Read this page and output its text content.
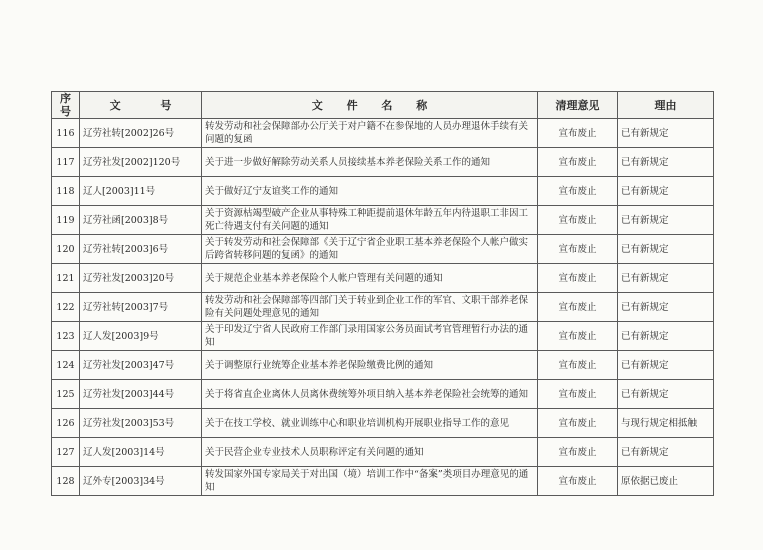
序号	文 号	文 件 名 称	清理意见	理由
116	辽劳社转[2002]26号	转发劳动和社会保障部办公厅关于对户籍不在参保地的人员办理退休手续有关问题的复函	宣布废止	已有新规定
117	辽劳社发[2002]120号	关于进一步做好解除劳动关系人员接续基本养老保险关系工作的通知	宣布废止	已有新规定
118	辽人[2003]11号	关于做好辽宁友谊奖工作的通知	宣布废止	已有新规定
119	辽劳社函[2003]8号	关于资源枯竭型破产企业从事特殊工种距提前退休年龄五年内待退职工非因工死亡待遇支付有关问题的通知	宣布废止	已有新规定
120	辽劳社转[2003]6号	关于转发劳动和社会保障部《关于辽宁省企业职工基本养老保险个人帐户做实后跨省转移问题的复函》的通知	宣布废止	已有新规定
121	辽劳社发[2003]20号	关于规范企业基本养老保险个人帐户管理有关问题的通知	宣布废止	已有新规定
122	辽劳社转[2003]7号	转发劳动和社会保障部等四部门关于转业到企业工作的军官、文职干部养老保险有关问题处理意见的通知	宣布废止	已有新规定
123	辽人发[2003]9号	关于印发辽宁省人民政府工作部门录用国家公务员面试考官管理暂行办法的通知	宣布废止	已有新规定
124	辽劳社发[2003]47号	关于调整原行业统筹企业基本养老保险缴费比例的通知	宣布废止	已有新规定
125	辽劳社发[2003]44号	关于将省直企业离休人员离休费统筹外项目纳入基本养老保险社会统筹的通知	宣布废止	已有新规定
126	辽劳社发[2003]53号	关于在技工学校、就业训练中心和职业培训机构开展职业指导工作的意见	宣布废止	与现行规定相抵触
127	辽人发[2003]14号	关于民营企业专业技术人员职称评定有关问题的通知	宣布废止	已有新规定
128	辽外专[2003]34号	转发国家外国专家局关于对出国（境）培训工作中“备案”类项目办理意见的通知	宣布废止	原依据已废止
